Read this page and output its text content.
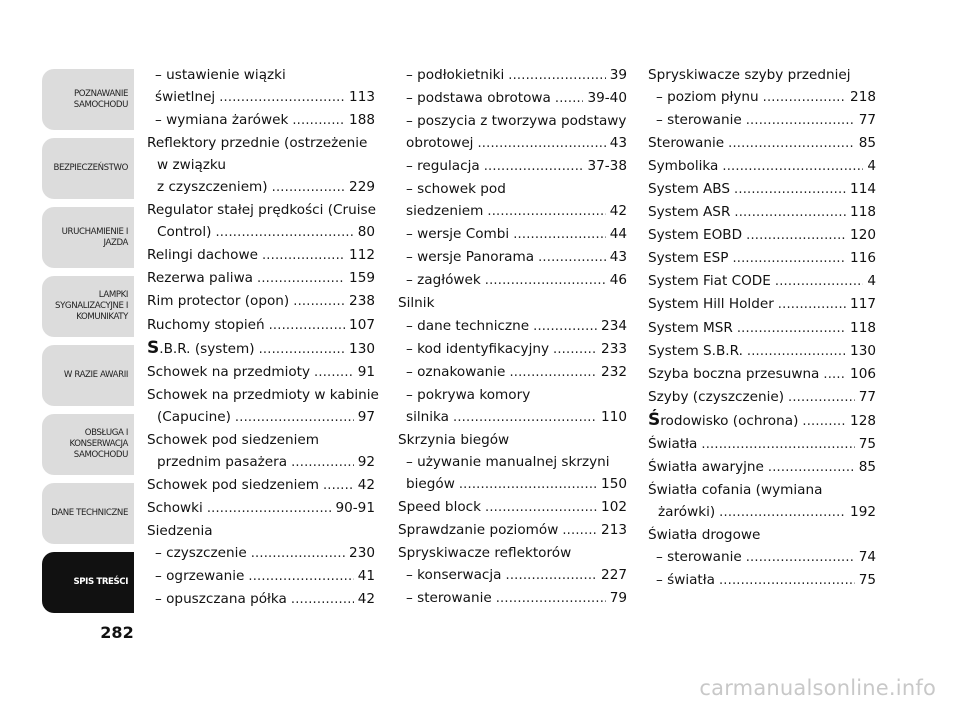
POZNAWANIE
SAMOCHODU
BEZPIECZEŃSTWO
URUCHAMIENIE I
JAZDA
LAMPKI
SYGNALIZACYJNE I
KOMUNIKATY
W RAZIE AWARII
OBSŁUGA I
KONSERWACJA
SAMOCHODU
DANE TECHNICZNE
SPIS TREŚCI
282
– ustawienie wiązki
świetlnej .....	113
– wymiana żarówek .....	188
Reflektory przednie (ostrzeżenie
w związku
z czyszczeniem) .....	229
Regulator stałej prędkości (Cruise
Control) .....	80
Relingi dachowe .....	112
Rezerwa paliwa .....	159
Rim protector (opon) .....	238
Ruchomy stopień .....	107
S.B.R. (system) .....	130
Schowek na przedmioty .....	91
Schowek na przedmioty w kabinie
(Capucine) .....	97
Schowek pod siedzeniem
przednim pasażera .....	92
Schowek pod siedzeniem .....	42
Schowki .....	90-91
Siedzenia
– czyszczenie .....	230
– ogrzewanie .....	41
– opuszczana półka .....	42
– podłokietniki .....	39
– podstawa obrotowa .....	39-40
– poszycia z tworzywa podstawy
obrotowej .....	43
– regulacja .....	37-38
– schowek pod
siedzeniem .....	42
– wersje Combi .....	44
– wersje Panorama .....	43
– zagłówek .....	46
Silnik
– dane techniczne .....	234
– kod identyfikacyjny .....	233
– oznakowanie .....	232
– pokrywa komory
silnika .....	110
Skrzynia biegów
– używanie manualnej skrzyni
biegów .....	150
Speed block .....	102
Sprawdzanie poziomów .....	213
Spryskiwacze reflektorów
– konserwacja .....	227
– sterowanie .....	79
Spryskiwacze szyby przedniej
– poziom płynu .....	218
– sterowanie .....	77
Sterowanie .....	85
Symbolika .....	4
System ABS .....	114
System ASR .....	118
System EOBD .....	120
System ESP .....	116
System Fiat CODE .....	4
System Hill Holder .....	117
System MSR .....	118
System S.B.R. .....	130
Szyba boczna przesuwna ..... 106
Szyby (czyszczenie) .....	77
Środowisko (ochrona) .....	128
Światła .....	75
Światła awaryjne .....	85
Światła cofania (wymiana
żarówki) .....	192
Światła drogowe
– sterowanie .....	74
– światła .....	75
carmanualsonline.info
